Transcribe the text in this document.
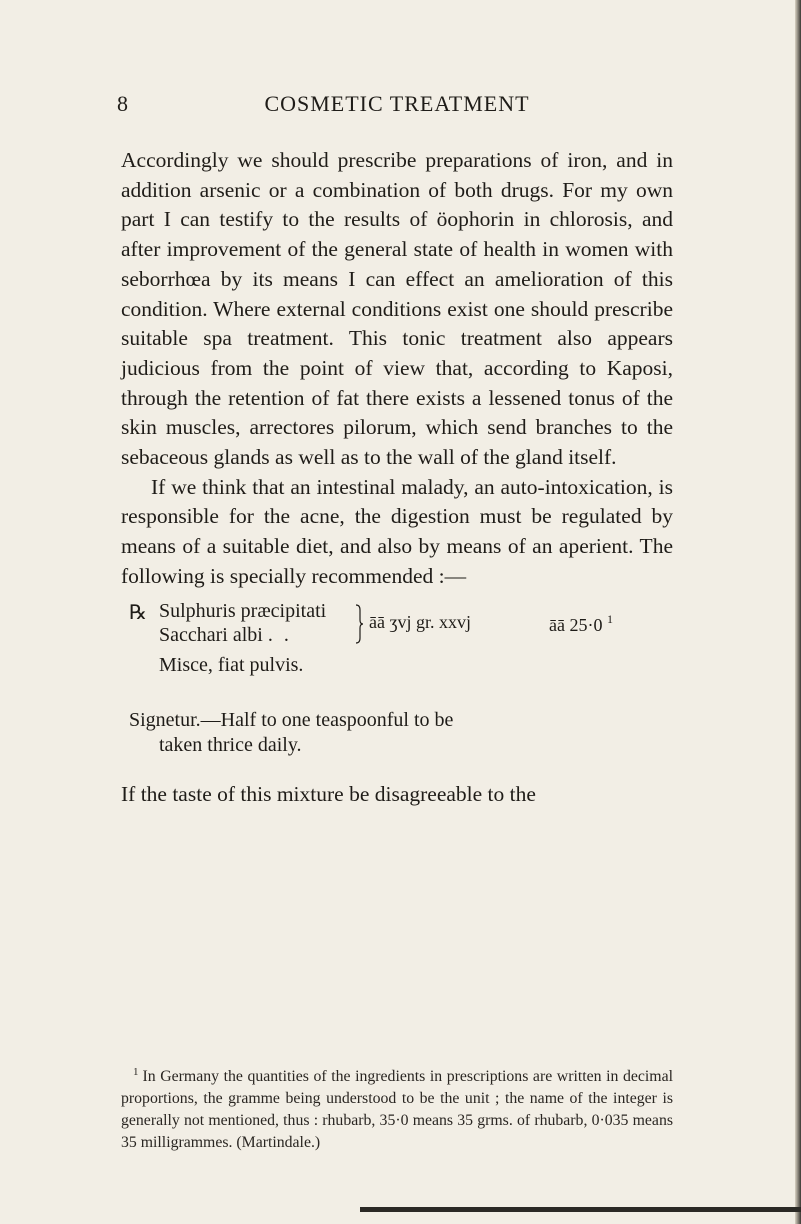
8	COSMETIC TREATMENT

Accordingly we should prescribe preparations of iron, and in addition arsenic or a combination of both drugs. For my own part I can testify to the results of öophorin in chlorosis, and after improvement of the general state of health in women with seborrhœa by its means I can effect an amelioration of this condition. Where external conditions exist one should prescribe suitable spa treatment. This tonic treatment also appears judicious from the point of view that, according to Kaposi, through the retention of fat there exists a lessened tonus of the skin muscles, arrectores pilorum, which send branches to the sebaceous glands as well as to the wall of the gland itself.

If we think that an intestinal malady, an auto-intoxication, is responsible for the acne, the digestion must be regulated by means of a suitable diet, and also by means of an aperient. The following is specially recommended :—

℞ Sulphuris præcipitati
Sacchari albi . .
āā ʒvj gr. xxvj	āā 25·0 $^1$
Misce, fiat pulvis.
Signetur.—Half to one teaspoonful to be
taken thrice daily.

If the taste of this mixture be disagreeable to the

$^1$ In Germany the quantities of the ingredients in prescriptions are written in decimal proportions, the gramme being understood to be the unit ; the name of the integer is generally not mentioned, thus : rhubarb, 35·0 means 35 grms. of rhubarb, 0·035 means 35 milligrammes. (Martindale.)
